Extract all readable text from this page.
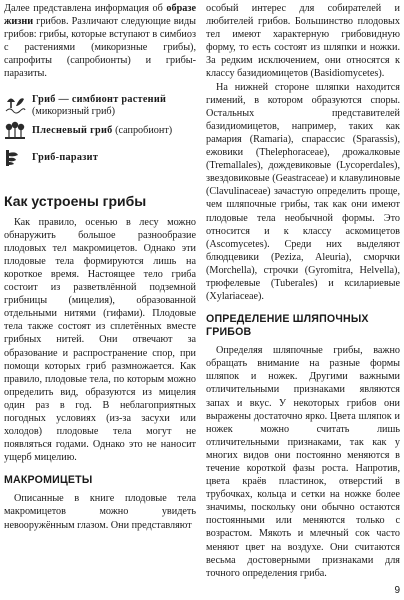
Далее представлена информация об образе жизни грибов. Различают следующие виды грибов: грибы, которые вступают в симбиоз с растениями (микоризные грибы), сапрофиты (сапробионты) и грибы-паразиты.

Гриб — симбионт растений
(микоризный гриб)
Плесневый гриб (сапробионт)
Гриб-паразит
Как устроены грибы

Как правило, осенью в лесу можно обнаружить большое разнообразие плодовых тел макромицетов. Однако эти плодовые тела формируются лишь на короткое время. Настоящее тело гриба состоит из разветвлённой подземной грибницы (мицелия), образованной отдельными нитями (гифами). Плодовые тела также состоят из сплетённых вместе грибных нитей. Они отвечают за образование и распространение спор, при помощи которых гриб размножается. Как правило, плодовые тела, по которым можно определить вид, образуются из мицелия один раз в год. В неблагоприятных погодных условиях (из-за засухи или холодов) плодовые тела могут не появляться годами. Однако это не наносит ущерб мицелию.

МАКРОМИЦЕТЫ

Описанные в книге плодовые тела макромицетов можно увидеть невооружённым глазом. Они представляют

особый интерес для собирателей и любителей грибов. Большинство плодовых тел имеют характерную грибовидную форму, то есть состоят из шляпки и ножки. За редким исключением, они относятся к классу базидиомицетов (Basidiomycetes).

На нижней стороне шляпки находится гимений, в котором образуются споры. Остальных представителей базидиомицетов, например, таких как рамария (Ramaria), спарассис (Sparassis), ежовики (Thelephoraceae), дрожалковые (Tremallales), дождевиковые (Lycoperdales), звездовиковые (Geastraceae) и клавулиновые (Clavulinaceae) зачастую определить проще, чем шляпочные грибы, так как они имеют плодовые тела необычной формы. Это относится и к классу аскомицетов (Ascomycetes). Среди них выделяют блюдцевики (Peziza, Aleuria), сморчки (Morchella), строчки (Gyromitra, Helvella), трюфелевые (Tuberales) и ксилариевые (Xylariaceae).

ОПРЕДЕЛЕНИЕ ШЛЯПОЧНЫХ ГРИБОВ

Определяя шляпочные грибы, важно обращать внимание на разные формы шляпок и ножек. Другими важными отличительными признаками являются запах и вкус. У некоторых грибов они выражены достаточно ярко. Цвета шляпок и ножек можно считать лишь отличительными признаками, так как у многих видов они постоянно меняются в течение короткой фазы роста. Напротив, цвета краёв пластинок, отверстий в трубочках, кольца и сетки на ножке более значимы, поскольку они обычно остаются постоянными или меняются только с возрастом. Мякоть и млечный сок часто меняют цвет на воздухе. Они считаются весьма достоверными признаками для точного определения гриба.

9
